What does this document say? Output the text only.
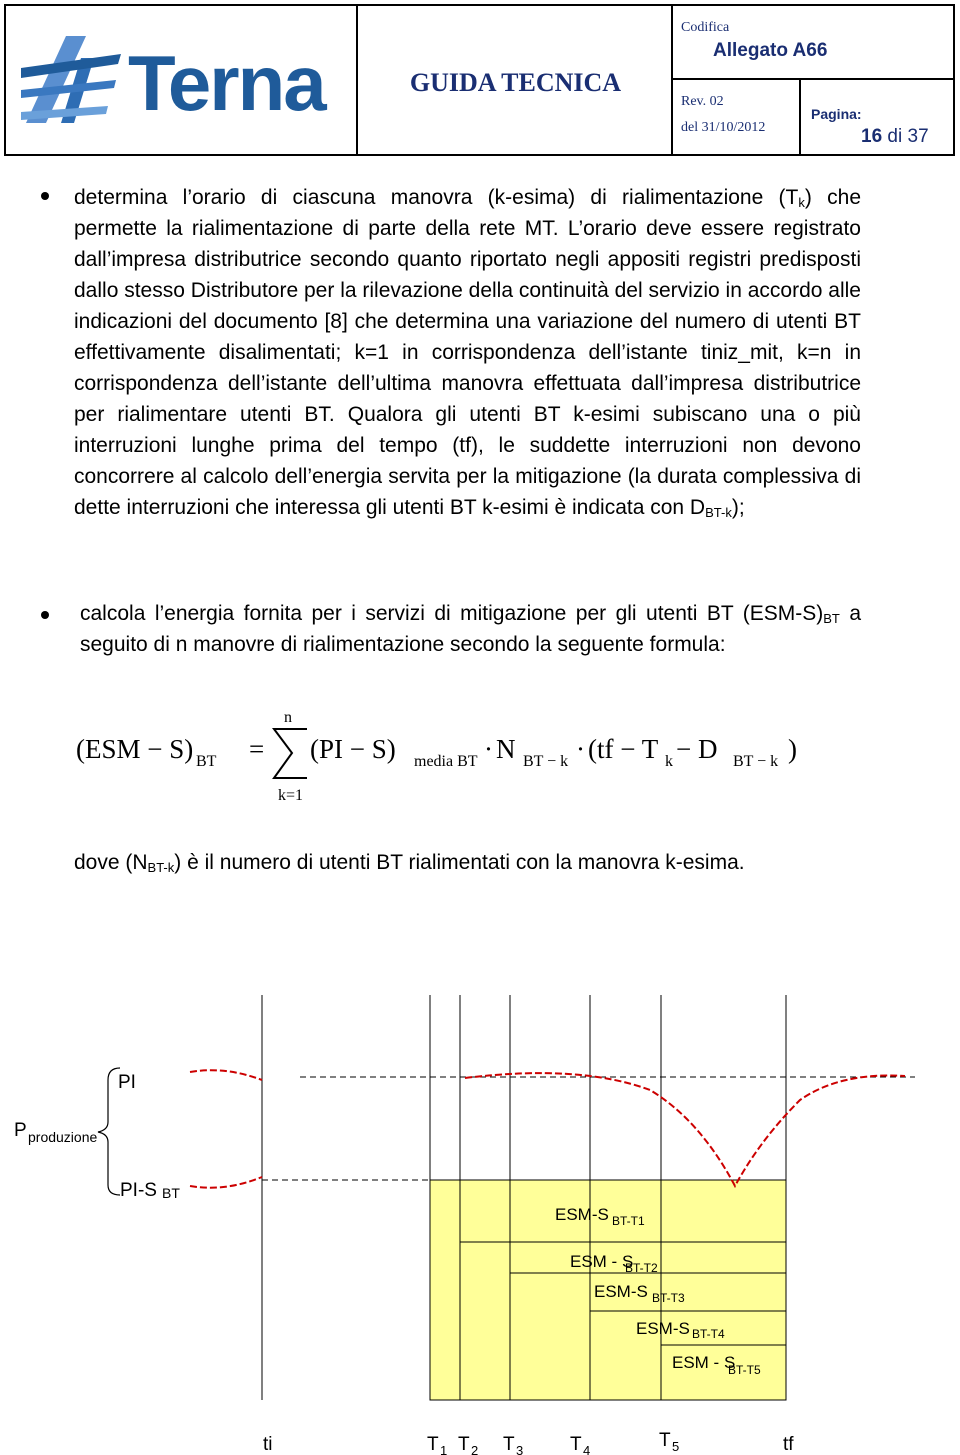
Terna	GUIDA TECNICA
Codifica
Allegato A66
Rev. 02
del 31/10/2012
Pagina:
16 di 37
determina l’orario di ciascuna manovra (k-esima) di rialimentazione $(T_k)$ che permette la rialimentazione di parte della rete MT. L’orario deve essere registrato dall’impresa distributrice secondo quanto riportato negli appositi registri predisposti dallo stesso Distributore per la rilevazione della continuità del servizio in accordo alle indicazioni del documento [8] che determina una variazione del numero di utenti BT effettivamente disalimentati; k=1 in corrispondenza dell’istante tiniz_mit, k=n in corrispondenza dell’istante dell’ultima manovra effettuata dall’impresa distributrice per rialimentare utenti BT. Qualora gli utenti BT k-esimi subiscano una o più interruzioni lunghe prima del tempo (tf), le suddette interruzioni non devono concorrere al calcolo dell’energia servita per la mitigazione (la durata complessiva di dette interruzioni che interessa gli utenti BT k-esimi è indicata con $D_{BT-k}$);
calcola l’energia fornita per i servizi di mitigazione per gli utenti BT $(ESM-S)_{BT}$ a seguito di n manovre di rialimentazione secondo la seguente formula:
(ESM − S) BT =
n
k=1
(PI − S) media BT · N BT − k · (tf − T k − D BT − k )
dove $(N_{BT-k})$ è il numero di utenti BT rialimentati con la manovra k-esima.
PI
P produzione
PI-S BT
ESM-S BT-T1
ESM - S
BT-T2
ESM-S BT-T3
ESM-S BT-T4
ESM - S
BT-T5
ti	T 1 T 2 T 3 T 4	T 5	tf
